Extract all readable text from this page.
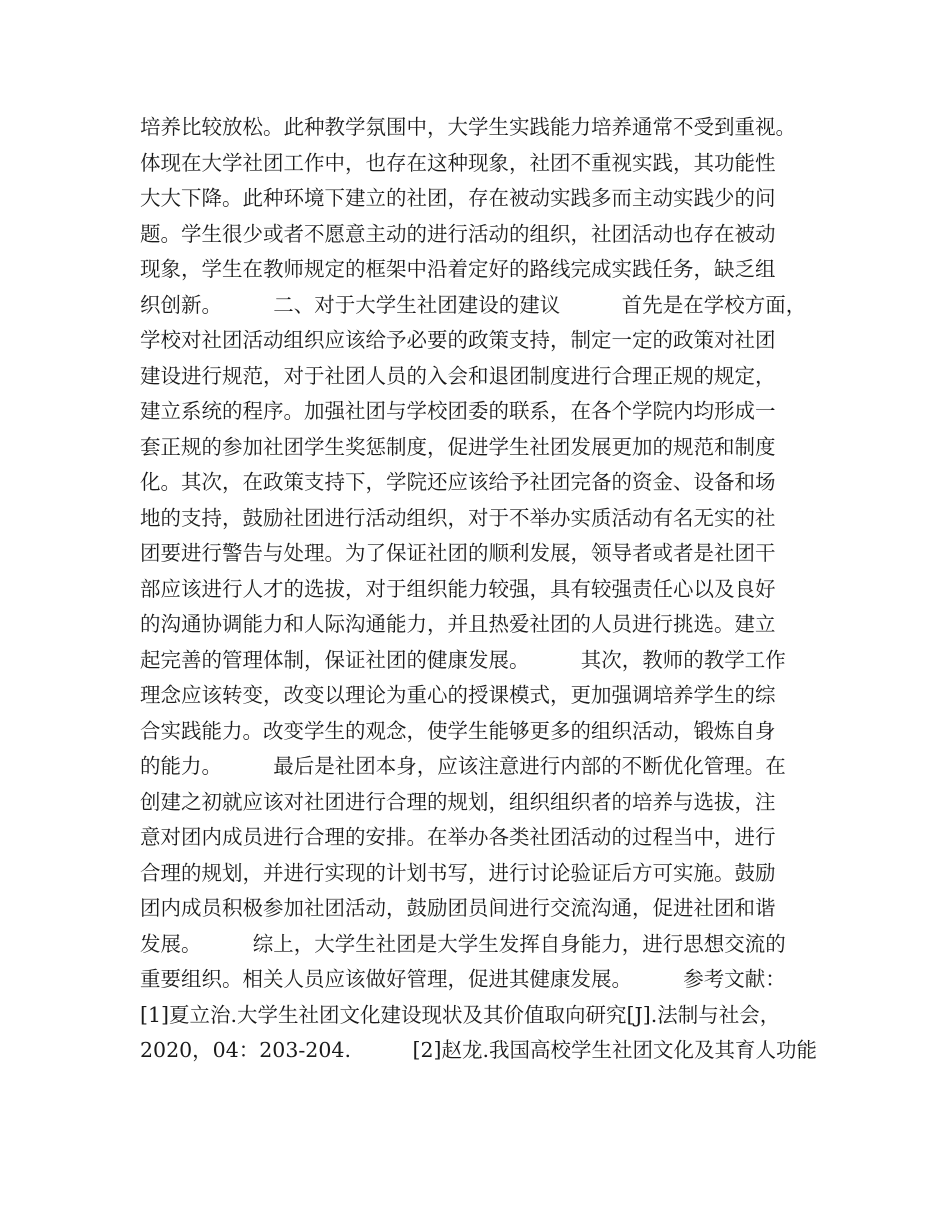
培养比较放松。此种教学氛围中，大学生实践能力培养通常不受到重视。
体现在大学社团工作中，也存在这种现象，社团不重视实践，其功能性
大大下降。此种环境下建立的社团，存在被动实践多而主动实践少的问
题。学生很少或者不愿意主动的进行活动的组织，社团活动也存在被动
现象，学生在教师规定的框架中沿着定好的路线完成实践任务，缺乏组
织创新。　　　二、对于大学生社团建设的建议　　　首先是在学校方面，
学校对社团活动组织应该给予必要的政策支持，制定一定的政策对社团
建设进行规范，对于社团人员的入会和退团制度进行合理正规的规定，
建立系统的程序。加强社团与学校团委的联系，在各个学院内均形成一
套正规的参加社团学生奖惩制度，促进学生社团发展更加的规范和制度
化。其次，在政策支持下，学院还应该给予社团完备的资金、设备和场
地的支持，鼓励社团进行活动组织，对于不举办实质活动有名无实的社
团要进行警告与处理。为了保证社团的顺利发展，领导者或者是社团干
部应该进行人才的选拔，对于组织能力较强，具有较强责任心以及良好
的沟通协调能力和人际沟通能力，并且热爱社团的人员进行挑选。建立
起完善的管理体制，保证社团的健康发展。　　　其次，教师的教学工作
理念应该转变，改变以理论为重心的授课模式，更加强调培养学生的综
合实践能力。改变学生的观念，使学生能够更多的组织活动，锻炼自身
的能力。　　　最后是社团本身，应该注意进行内部的不断优化管理。在
创建之初就应该对社团进行合理的规划，组织组织者的培养与选拔，注
意对团内成员进行合理的安排。在举办各类社团活动的过程当中，进行
合理的规划，并进行实现的计划书写，进行讨论验证后方可实施。鼓励
团内成员积极参加社团活动，鼓励团员间进行交流沟通，促进社团和谐
发展。　　　综上，大学生社团是大学生发挥自身能力，进行思想交流的
重要组织。相关人员应该做好管理，促进其健康发展。　　　参考文献：
[1]夏立治.大学生社团文化建设现状及其价值取向研究[J].法制与社会，
2020，04：203-204.　　　[2]赵龙.我国高校学生社团文化及其育人功能
